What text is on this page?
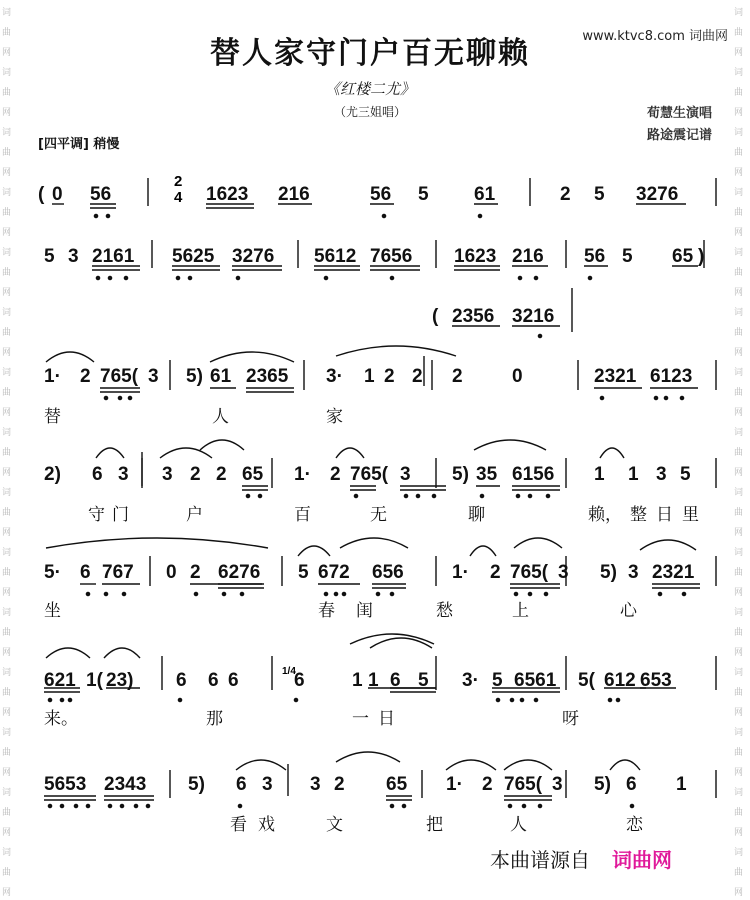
词
曲
网
词
曲
网
词
曲
网
词
曲
网
词
曲
网
词
曲
网
词
曲
网
词
曲
网
词
曲
网
词
曲
网
词
曲
网
词
曲
网
词
曲
网
词
曲
网
词
曲
网
词
曲
网
词
曲
网
词
曲
网
词
曲
网
词
曲
网
词
曲
网
词
曲
网
词
曲
网
词
曲
网
词
曲
网
词
曲
网
词
曲
网
词
曲
网
词
曲
网
词
曲
网
www.ktvc8.com 词曲网
替人家守门户百无聊赖
《红楼二尤》
（尤三姐唱）	荀慧生演唱
路途震记谱
[四平调] 稍慢
( 0 56
2 4 1623 216	56 5 61	2 5 3276
5 3 2161 5625 3276 5612 7656 1623 216 56 5 65 )
( 2356 3216
1· 2 765( 3 5) 61 2365 3· 1 2 2 2	0	2321 6123
替	人	家
2) 6 3 3 2 2 65 1· 2 765( 3 5) 35 6156 1 1 3 5
守 门	户	百	无	聊	赖， 整 日 里
5· 6 767 0 2 6276 5 672 656	1· 2 765( 3 5) 3 2321
坐	春 闺	愁	上	心
621 1( 23) 6 6 6	1/4
6 1 1 6 5 3· 5 6561 5( 612 653
来。	那	一 日	呀
5653 2343 5) 6 3 3 2 65 1· 2 765( 3 5) 6 1
看 戏	文	把	人	恋
本曲谱源自 词曲网
